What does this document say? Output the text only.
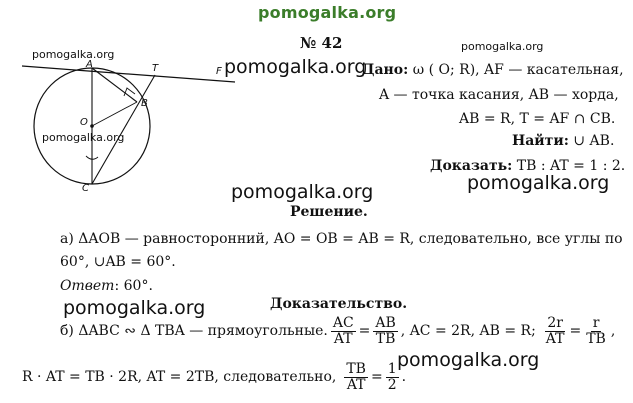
pomogalka.org
pomogalka.org
pomogalka.org
pomogalka.org
pomogalka.org
pomogalka.org
pomogalka.org
pomogalka.org
pomogalka.org
№ 42
A	T	F
B
O
C
Дано: ω ( O; R), AF — касательная,
A — точка касания, AB — хорда,
AB = R, T = AF ∩ CB.
Найти: ∪ AB.
Доказать: TB : AT = 1 : 2.
Решение.
а) ΔAOB — равносторонний, AO = OB = AB = R, следовательно, все углы по
60°, ∪AB = 60°.
Ответ: 60°.
Доказательство.
б) ΔABC ∾ Δ TBA — прямоугольные. $\frac{AC}{AT} = \frac{AB}{TB}$ , AC = 2R, AB = R; $\frac{2r}{AT} = \frac{r}{TB}$ ,
R · AT = TB · 2R, AT = 2TB, следовательно, $\frac{TB}{AT} = \frac{1}{2}$ .
